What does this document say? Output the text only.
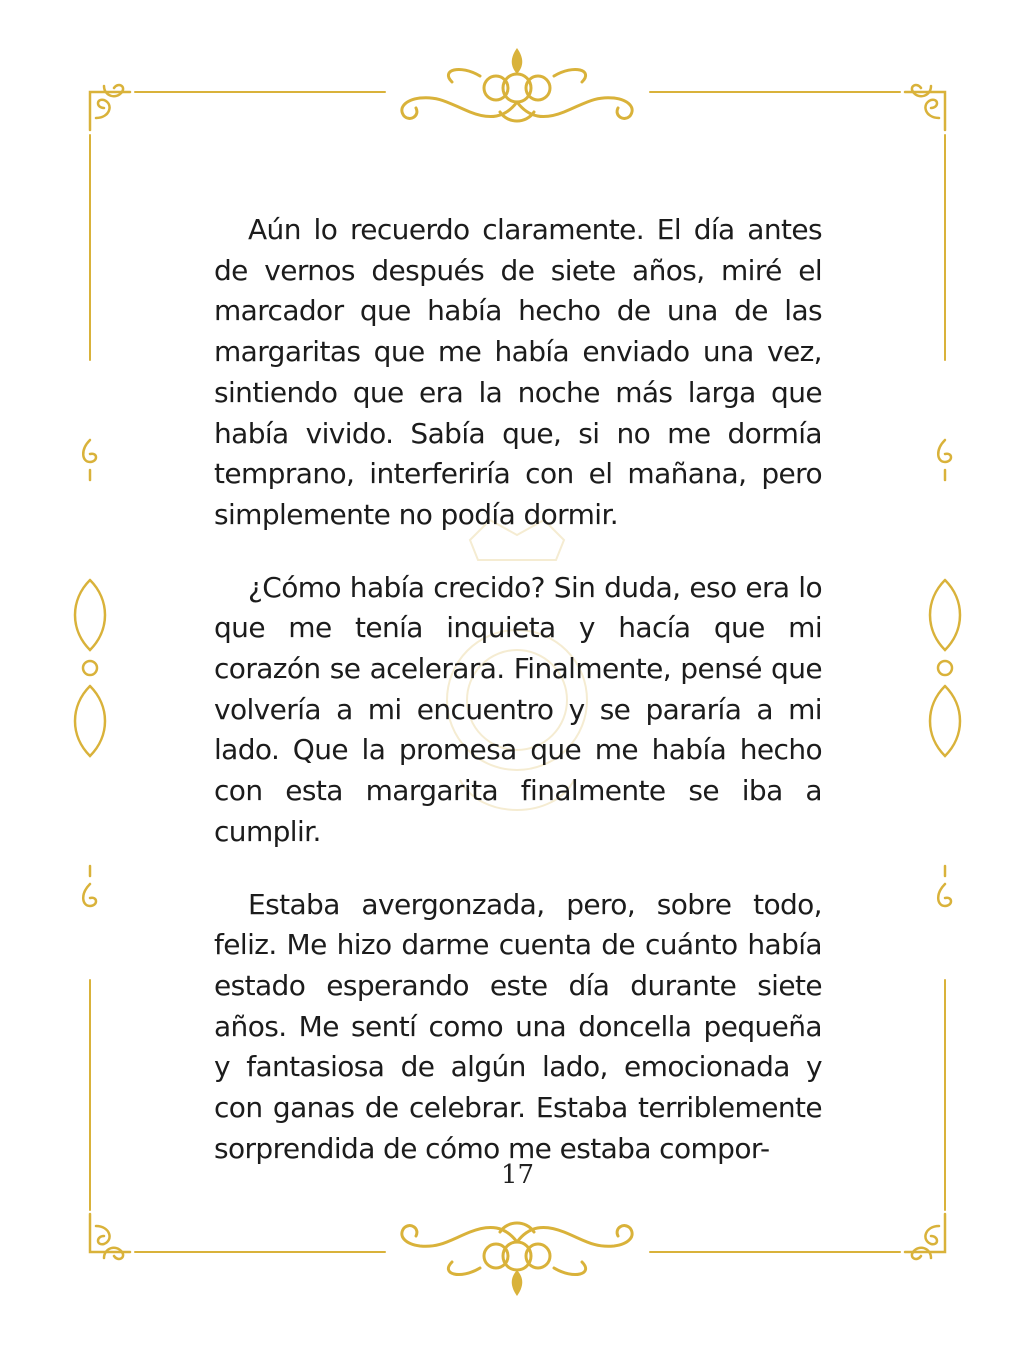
Aún lo recuerdo claramente. El día antes de vernos después de siete años, miré el marcador que había hecho de una de las margaritas que me había enviado una vez, sintiendo que era la noche más larga que había vivido. Sabía que, si no me dormía temprano, interferiría con el mañana, pero simplemente no podía dormir.

¿Cómo había crecido? Sin duda, eso era lo que me tenía inquieta y hacía que mi corazón se acelerara. Finalmente, pensé que volvería a mi encuentro y se pararía a mi lado. Que la promesa que me había hecho con esta margarita finalmente se iba a cumplir.

Estaba avergonzada, pero, sobre todo, feliz. Me hizo darme cuenta de cuánto había estado esperando este día durante siete años. Me sentí como una doncella pequeña y fantasiosa de algún lado, emocionada y con ganas de celebrar. Estaba terriblemente sorprendida de cómo me estaba compor-

17
